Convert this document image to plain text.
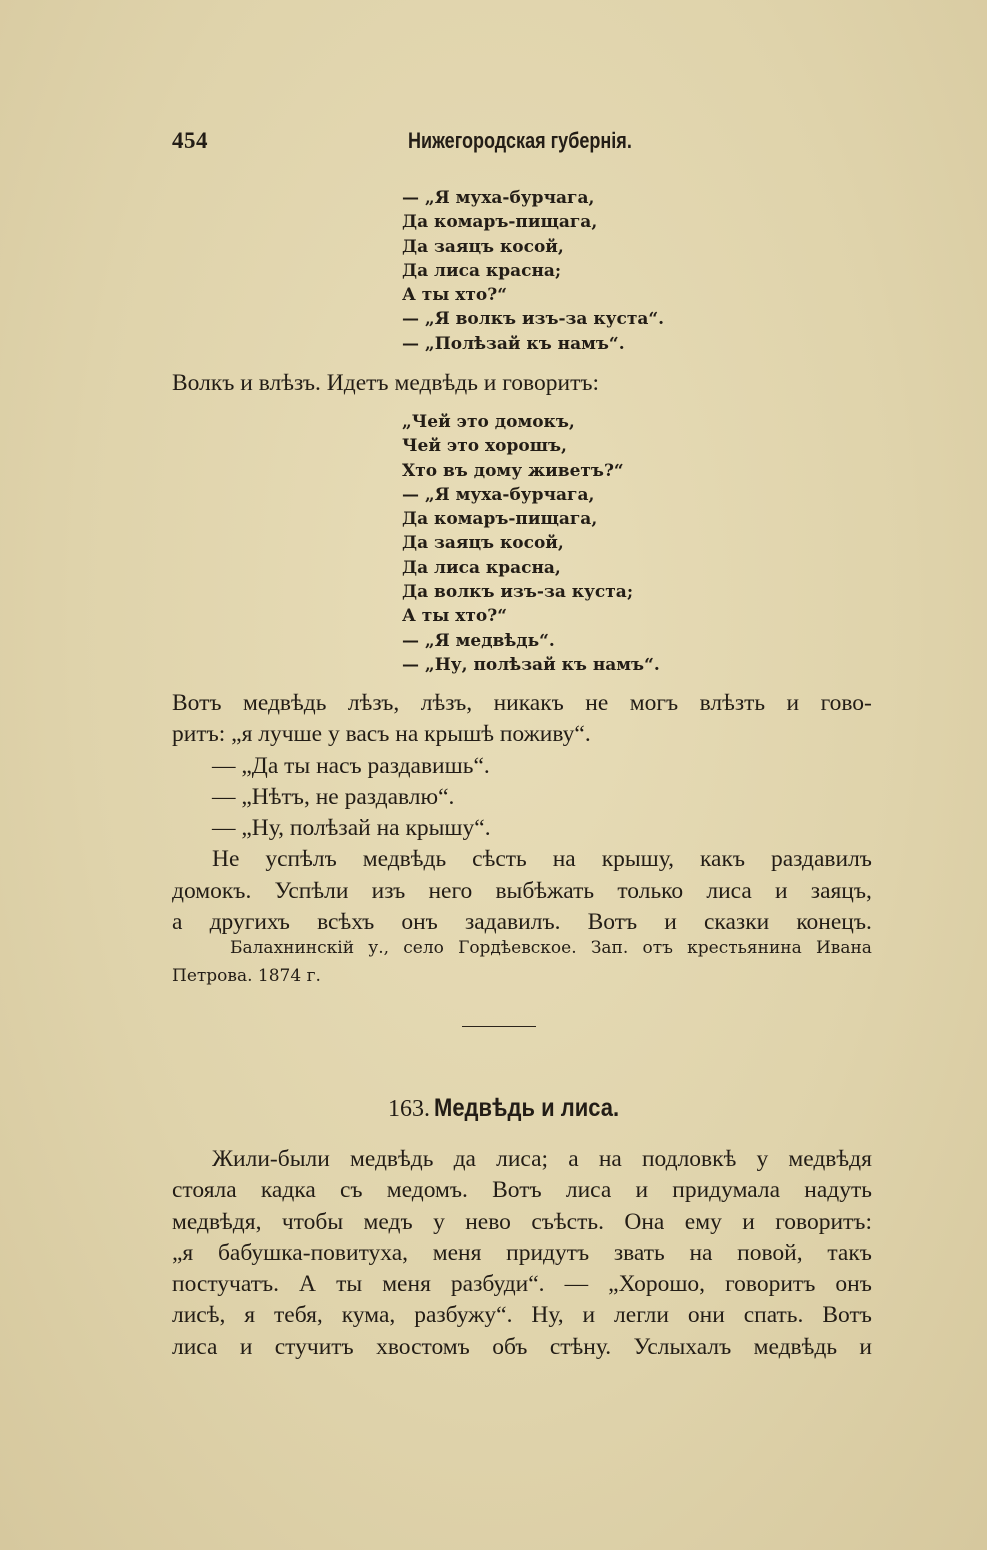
454	Нижегородская губернія.
— „Я муха-бурчага,
Да комаръ-пищага,
Да заяцъ косой,
Да лиса красна;
А ты хто?“
— „Я волкъ изъ-за куста“.
— „Полѣзай къ намъ“.
Волкъ и влѣзъ. Идетъ медвѣдь и говоритъ:
„Чей это домокъ,
Чей это хорошъ,
Хто въ дому живетъ?“
— „Я муха-бурчага,
Да комаръ-пищага,
Да заяцъ косой,
Да лиса красна,
Да волкъ изъ-за куста;
А ты хто?“
— „Я медвѣдь“.
— „Ну, полѣзай къ намъ“.
Вотъ медвѣдь лѣзъ, лѣзъ, никакъ не могъ влѣзть и гово-
ритъ: „я лучше у васъ на крышѣ поживу“.
— „Да ты насъ раздавишь“.
— „Нѣтъ, не раздавлю“.
— „Ну, полѣзай на крышу“.
Не успѣлъ медвѣдь сѣсть на крышу, какъ раздавилъ
домокъ. Успѣли изъ него выбѣжать только лиса и заяцъ,
а другихъ всѣхъ онъ задавилъ. Вотъ и сказки конецъ.
Балахнинскій у., село Гордѣевское. Зап. отъ крестьянина Ивана
Петрова. 1874 г.
163. Медвѣдь и лиса.
Жили-были медвѣдь да лиса; а на подловкѣ у медвѣдя
стояла кадка съ медомъ. Вотъ лиса и придумала надуть
медвѣдя, чтобы медъ у нево съѣсть. Она ему и говоритъ:
„я бабушка-повитуха, меня придутъ звать на повой, такъ
постучатъ. А ты меня разбуди“. — „Хорошо, говоритъ онъ
лисѣ, я тебя, кума, разбужу“. Ну, и легли они спать. Вотъ
лиса и стучитъ хвостомъ объ стѣну. Услыхалъ медвѣдь и
